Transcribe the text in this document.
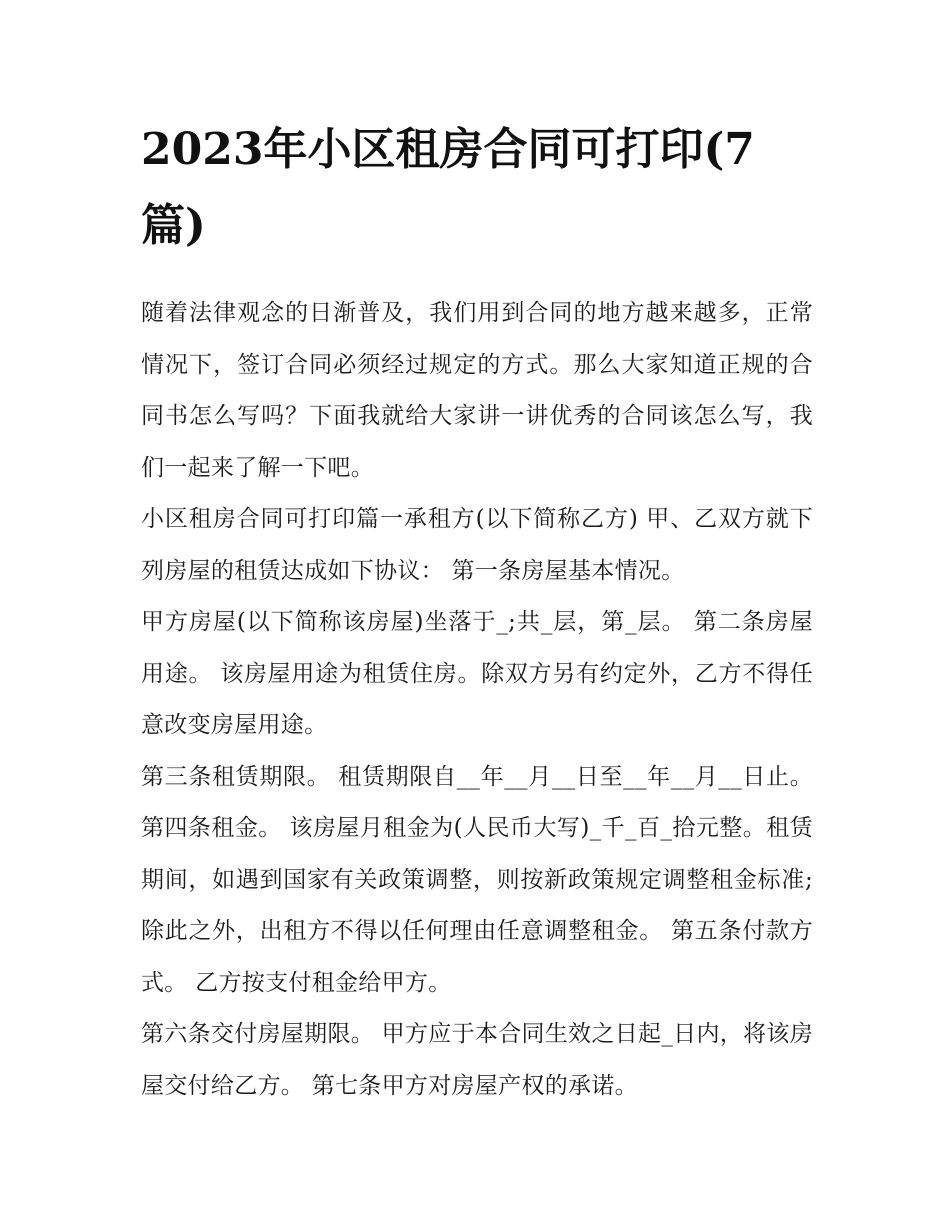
2023年小区租房合同可打印(7篇)

随着法律观念的日渐普及，我们用到合同的地方越来越多，正常情况下，签订合同必须经过规定的方式。那么大家知道正规的合同书怎么写吗？下面我就给大家讲一讲优秀的合同该怎么写，我们一起来了解一下吧。

小区租房合同可打印篇一承租方(以下简称乙方) 甲、乙双方就下列房屋的租赁达成如下协议： 第一条房屋基本情况。

甲方房屋(以下简称该房屋)坐落于_;共_层，第_层。 第二条房屋用途。 该房屋用途为租赁住房。除双方另有约定外，乙方不得任意改变房屋用途。

第三条租赁期限。 租赁期限自__年__月__日至__年__月__日止。 第四条租金。 该房屋月租金为(人民币大写)_千_百_拾元整。租赁期间，如遇到国家有关政策调整，则按新政策规定调整租金标准;除此之外，出租方不得以任何理由任意调整租金。 第五条付款方式。 乙方按支付租金给甲方。

第六条交付房屋期限。 甲方应于本合同生效之日起_日内，将该房屋交付给乙方。 第七条甲方对房屋产权的承诺。
